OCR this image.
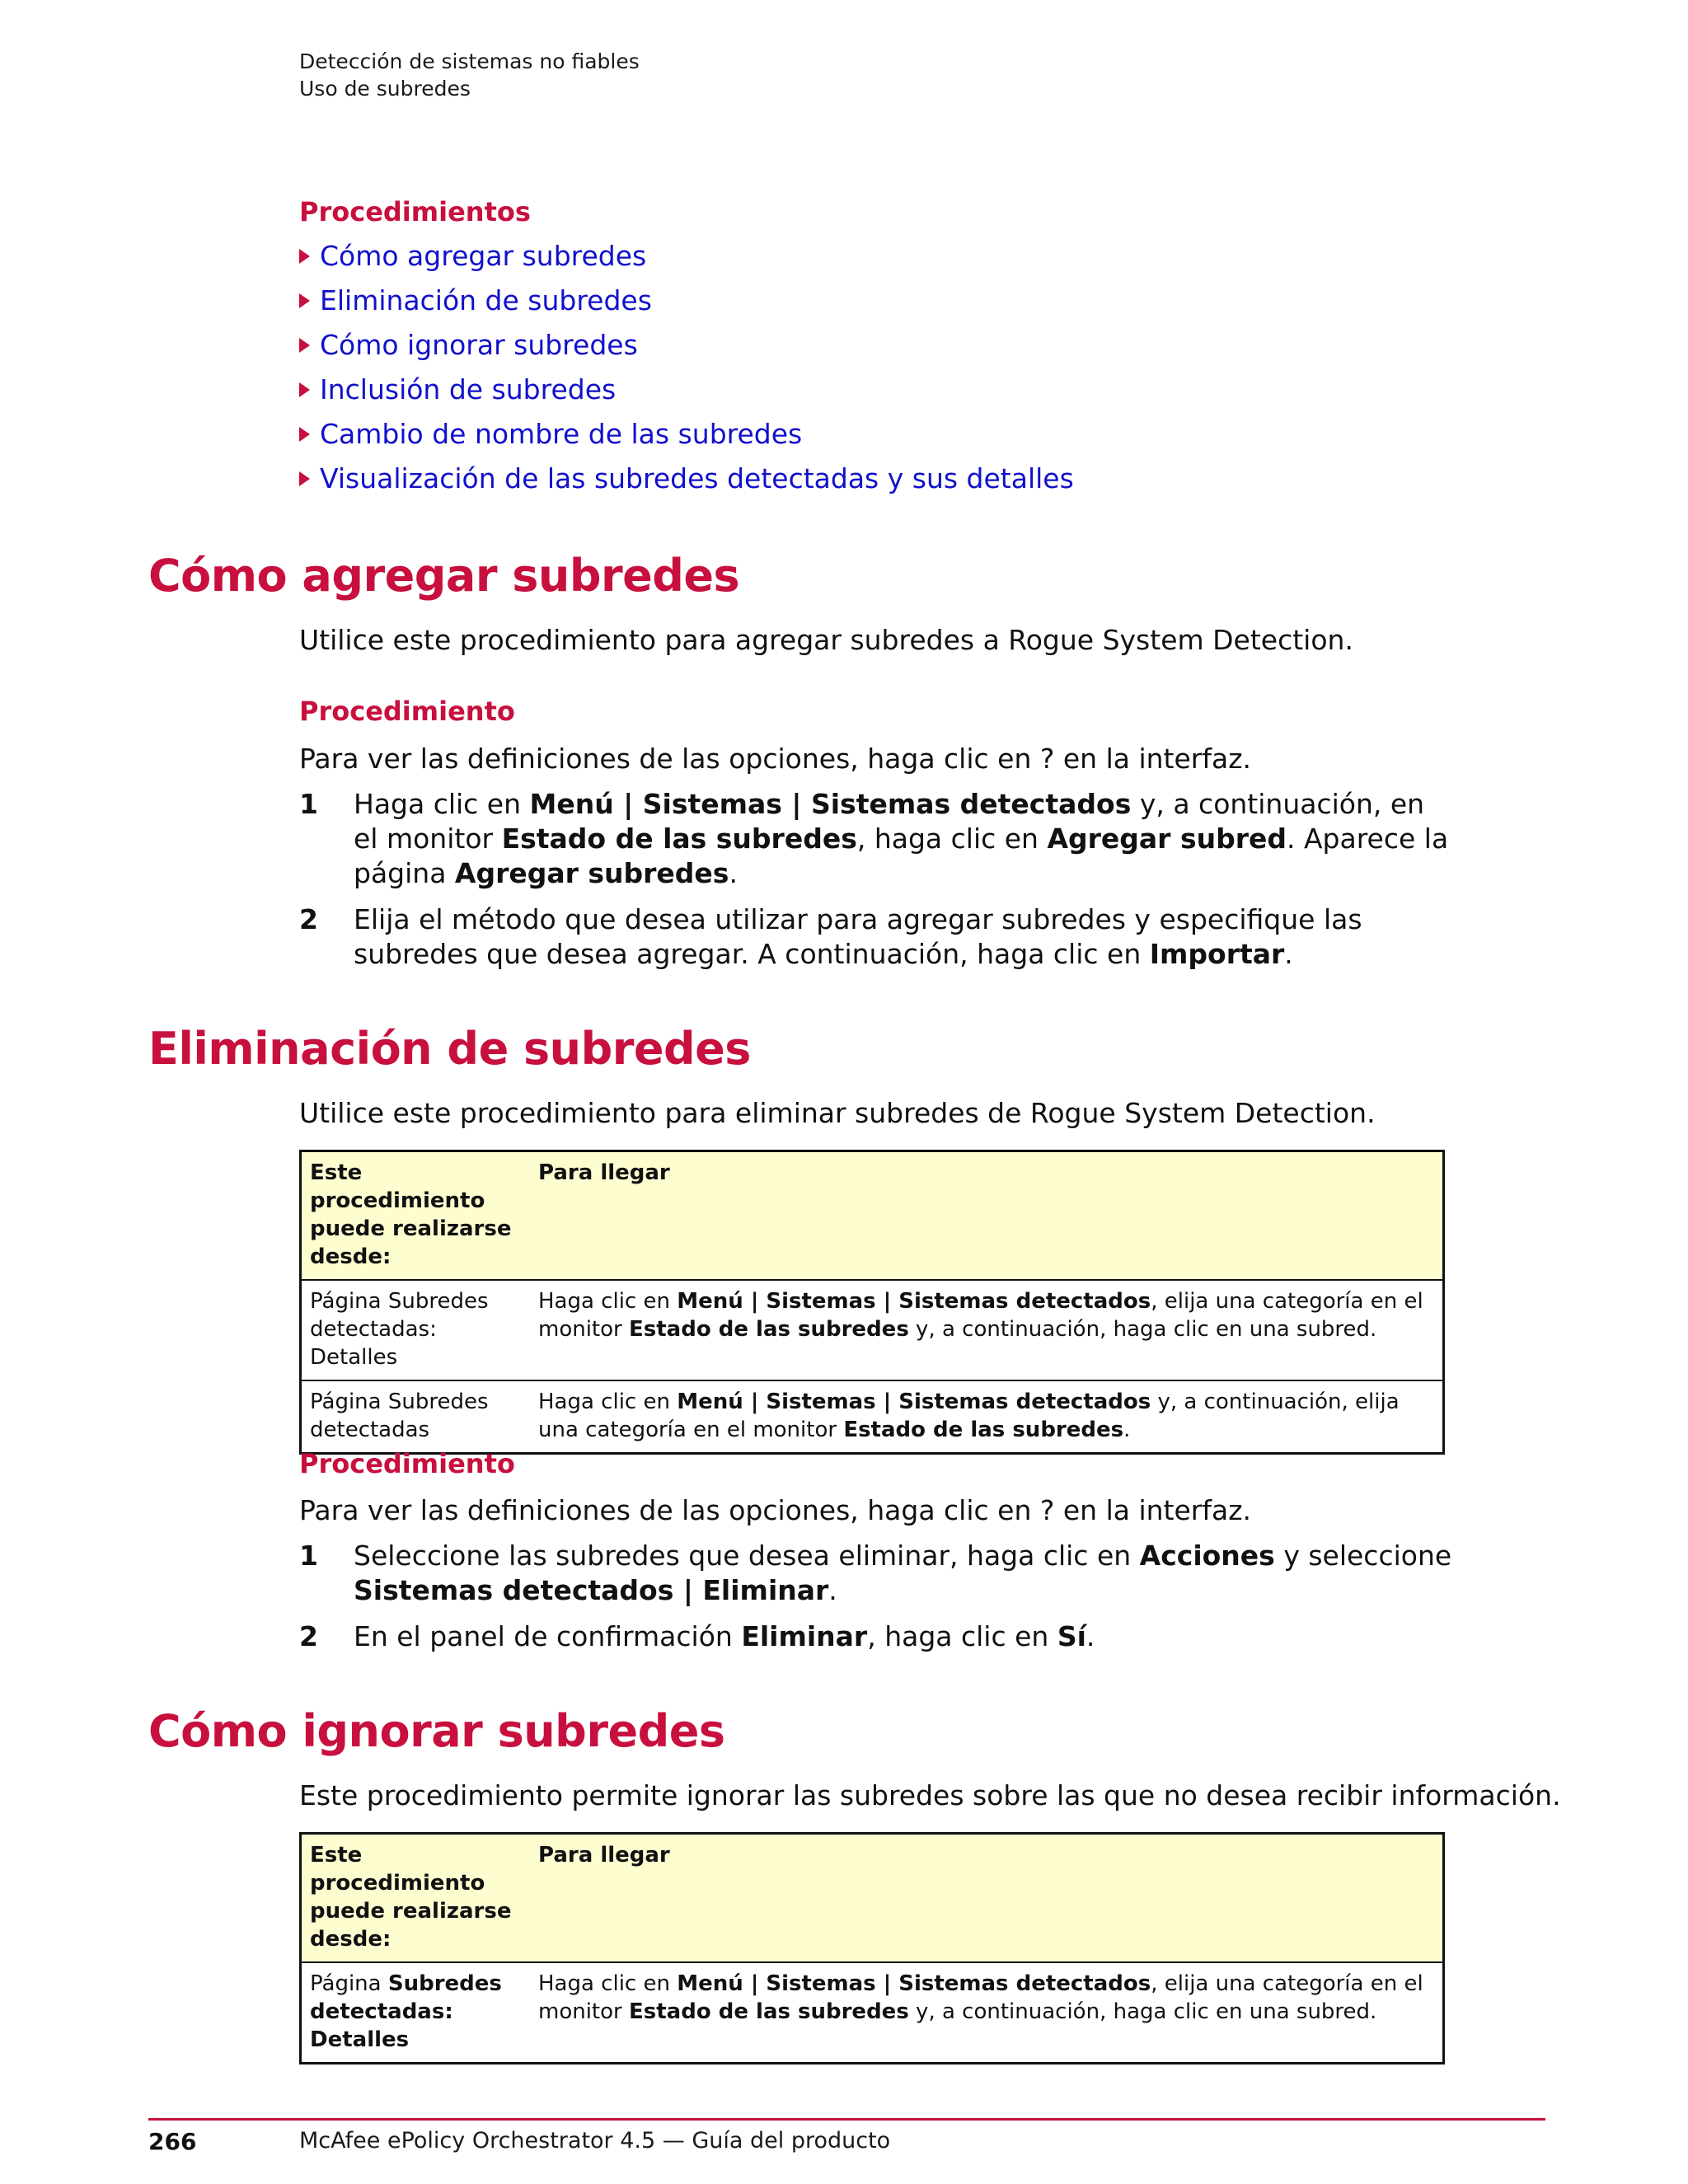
Detección de sistemas no fiables
Uso de subredes
Procedimientos
Cómo agregar subredes
Eliminación de subredes
Cómo ignorar subredes
Inclusión de subredes
Cambio de nombre de las subredes
Visualización de las subredes detectadas y sus detalles
Cómo agregar subredes
Utilice este procedimiento para agregar subredes a Rogue System Detection.
Procedimiento
Para ver las definiciones de las opciones, haga clic en ? en la interfaz.
1	Haga clic en Menú | Sistemas | Sistemas detectados y, a continuación, en el monitor Estado de las subredes, haga clic en Agregar subred. Aparece la página Agregar subredes.
2	Elija el método que desea utilizar para agregar subredes y especifique las subredes que desea agregar. A continuación, haga clic en Importar.
Eliminación de subredes
Utilice este procedimiento para eliminar subredes de Rogue System Detection.
Este procedimiento puede realizarse desde:	Para llegar
Página Subredes detectadas: Detalles	Haga clic en Menú | Sistemas | Sistemas detectados, elija una categoría en el monitor Estado de las subredes y, a continuación, haga clic en una subred.
Página Subredes detectadas	Haga clic en Menú | Sistemas | Sistemas detectados y, a continuación, elija una categoría en el monitor Estado de las subredes.
Procedimiento
Para ver las definiciones de las opciones, haga clic en ? en la interfaz.
1	Seleccione las subredes que desea eliminar, haga clic en Acciones y seleccione Sistemas detectados | Eliminar.
2	En el panel de confirmación Eliminar, haga clic en Sí.
Cómo ignorar subredes
Este procedimiento permite ignorar las subredes sobre las que no desea recibir información.
Este procedimiento puede realizarse desde:	Para llegar
Página Subredes detectadas: Detalles	Haga clic en Menú | Sistemas | Sistemas detectados, elija una categoría en el monitor Estado de las subredes y, a continuación, haga clic en una subred.
266	McAfee ePolicy Orchestrator 4.5 — Guía del producto
